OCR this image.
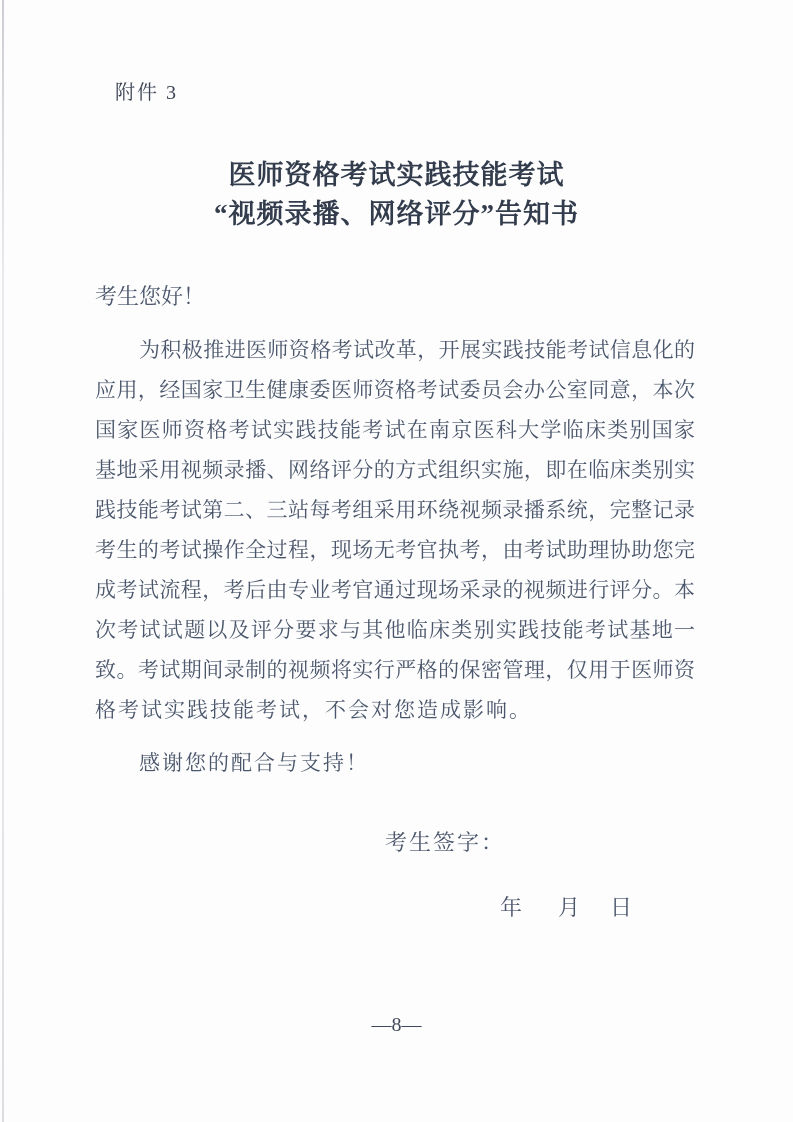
附件 3
医师资格考试实践技能考试
“视频录播、网络评分”告知书
考生您好！
为积极推进医师资格考试改革，开展实践技能考试信息化的
应用，经国家卫生健康委医师资格考试委员会办公室同意，本次
国家医师资格考试实践技能考试在南京医科大学临床类别国家
基地采用视频录播、网络评分的方式组织实施，即在临床类别实
践技能考试第二、三站每考组采用环绕视频录播系统，完整记录
考生的考试操作全过程，现场无考官执考，由考试助理协助您完
成考试流程，考后由专业考官通过现场采录的视频进行评分。本
次考试试题以及评分要求与其他临床类别实践技能考试基地一
致。考试期间录制的视频将实行严格的保密管理，仅用于医师资
格考试实践技能考试，不会对您造成影响。
感谢您的配合与支持！
考生签字：
年 月 日
—8—
